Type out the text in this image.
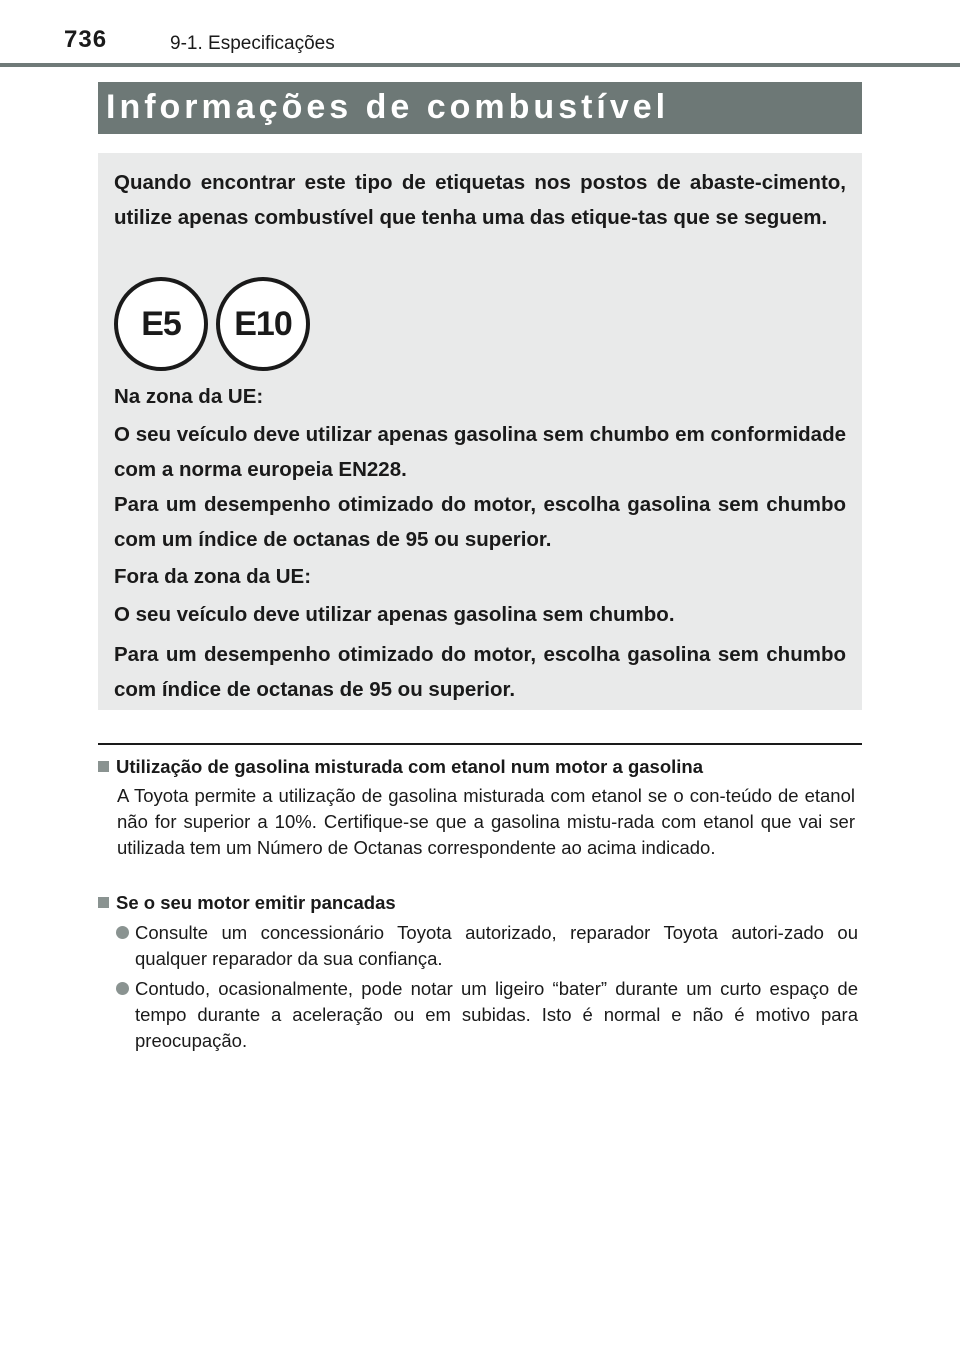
736	9-1. Especificações
Informações de combustível

Quando encontrar este tipo de etiquetas nos postos de abaste-cimento, utilize apenas combustível que tenha uma das etique-tas que se seguem.

E5	E10

Na zona da UE:

O seu veículo deve utilizar apenas gasolina sem chumbo em conformidade com a norma europeia EN228.

Para um desempenho otimizado do motor, escolha gasolina sem chumbo com um índice de octanas de 95 ou superior.

Fora da zona da UE:

O seu veículo deve utilizar apenas gasolina sem chumbo.

Para um desempenho otimizado do motor, escolha gasolina sem chumbo com índice de octanas de 95 ou superior.

Utilização de gasolina misturada com etanol num motor a gasolina

A Toyota permite a utilização de gasolina misturada com etanol se o con-teúdo de etanol não for superior a 10%. Certifique-se que a gasolina mistu-rada com etanol que vai ser utilizada tem um Número de Octanas correspondente ao acima indicado.

Se o seu motor emitir pancadas

Consulte um concessionário Toyota autorizado, reparador Toyota autori-zado ou qualquer reparador da sua confiança.

Contudo, ocasionalmente, pode notar um ligeiro “bater” durante um curto espaço de tempo durante a aceleração ou em subidas. Isto é normal e não é motivo para preocupação.
